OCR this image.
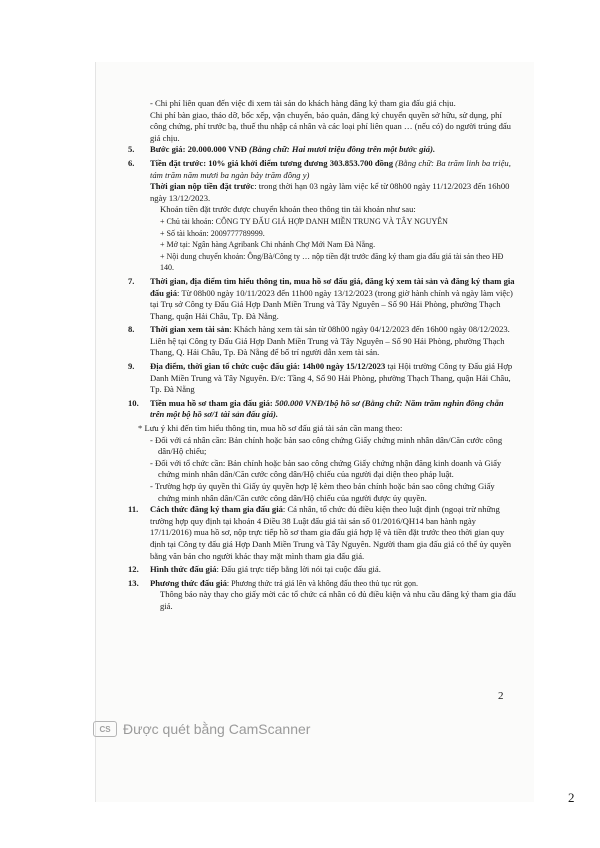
- Chi phí liên quan đến việc đi xem tài sản do khách hàng đăng ký tham gia đấu giá chịu.

Chi phí bàn giao, tháo dỡ, bốc xếp, vận chuyển, bảo quản, đăng ký chuyển quyền sở hữu, sử dụng, phí công chứng, phí trước bạ, thuế thu nhập cá nhân và các loại phí liên quan … (nếu có) do người trúng đấu giá chịu.

5. Bước giá: 20.000.000 VNĐ (Bằng chữ: Hai mươi triệu đồng trên một bước giá).

6. Tiền đặt trước: 10% giá khởi điểm tương đương 303.853.700 đồng (Bằng chữ: Ba trăm linh ba triệu, tám trăm năm mươi ba ngàn bảy trăm đồng y)

Thời gian nộp tiền đặt trước: trong thời hạn 03 ngày làm việc kể từ 08h00 ngày 11/12/2023 đến 16h00 ngày 13/12/2023.

Khoản tiền đặt trước được chuyển khoản theo thông tin tài khoản như sau:

+ Chủ tài khoản: CÔNG TY ĐẤU GIÁ HỢP DANH MIỀN TRUNG VÀ TÂY NGUYÊN

+ Số tài khoản: 2009777789999.

+ Mở tại: Ngân hàng Agribank Chi nhánh Chợ Mới Nam Đà Nẵng.

+ Nội dung chuyển khoản: Ông/Bà/Công ty … nộp tiền đặt trước đăng ký tham gia đấu giá tài sản theo HĐ 140.

7. Thời gian, địa điểm tìm hiểu thông tin, mua hồ sơ đấu giá, đăng ký xem tài sản và đăng ký tham gia đấu giá: Từ 08h00 ngày 10/11/2023 đến 11h00 ngày 13/12/2023 (trong giờ hành chính và ngày làm việc) tại Trụ sở Công ty Đấu Giá Hợp Danh Miền Trung và Tây Nguyên – Số 90 Hải Phòng, phường Thạch Thang, quận Hải Châu, Tp. Đà Nẵng.

8. Thời gian xem tài sản: Khách hàng xem tài sản từ 08h00 ngày 04/12/2023 đến 16h00 ngày 08/12/2023. Liên hệ tại Công ty Đấu Giá Hợp Danh Miền Trung và Tây Nguyên – Số 90 Hải Phòng, phường Thạch Thang, Q. Hải Châu, Tp. Đà Nẵng để bố trí người dẫn xem tài sản.

9. Địa điểm, thời gian tổ chức cuộc đấu giá: 14h00 ngày 15/12/2023 tại Hội trường Công ty Đấu giá Hợp Danh Miền Trung và Tây Nguyên. Đ/c: Tầng 4, Số 90 Hải Phòng, phường Thạch Thang, quận Hải Châu, Tp. Đà Nẵng

10. Tiền mua hồ sơ tham gia đấu giá: 500.000 VNĐ/1bộ hồ sơ (Bằng chữ: Năm trăm nghìn đồng chẵn trên một bộ hồ sơ/1 tài sản đấu giá).

* Lưu ý khi đến tìm hiểu thông tin, mua hồ sơ đấu giá tài sản cần mang theo:

- Đối với cá nhân cần: Bản chính hoặc bản sao công chứng Giấy chứng minh nhân dân/Căn cước công dân/Hộ chiếu;

- Đối với tổ chức cần: Bản chính hoặc bản sao công chứng Giấy chứng nhận đăng kinh doanh và Giấy chứng minh nhân dân/Căn cước công dân/Hộ chiếu của người đại diện theo pháp luật.

- Trường hợp ủy quyền thì Giấy ủy quyền hợp lệ kèm theo bản chính hoặc bản sao công chứng Giấy chứng minh nhân dân/Căn cước công dân/Hộ chiếu của người được ủy quyền.

11. Cách thức đăng ký tham gia đấu giá: Cá nhân, tổ chức đủ điều kiện theo luật định (ngoại trừ những trường hợp quy định tại khoản 4 Điều 38 Luật đấu giá tài sản số 01/2016/QH14 ban hành ngày 17/11/2016) mua hồ sơ, nộp trực tiếp hồ sơ tham gia đấu giá hợp lệ và tiền đặt trước theo thời gian quy định tại Công ty đấu giá Hợp Danh Miền Trung và Tây Nguyên. Người tham gia đấu giá có thể ủy quyền bằng văn bản cho người khác thay mặt mình tham gia đấu giá.

12. Hình thức đấu giá: Đấu giá trực tiếp bằng lời nói tại cuộc đấu giá.

13. Phương thức đấu giá: Phương thức trả giá lên và không đấu theo thủ tục rút gọn.

Thông báo này thay cho giấy mời các tổ chức cá nhân có đủ điều kiện và nhu cầu đăng ký tham gia đấu giá.

CS Được quét bằng CamScanner
2
2
